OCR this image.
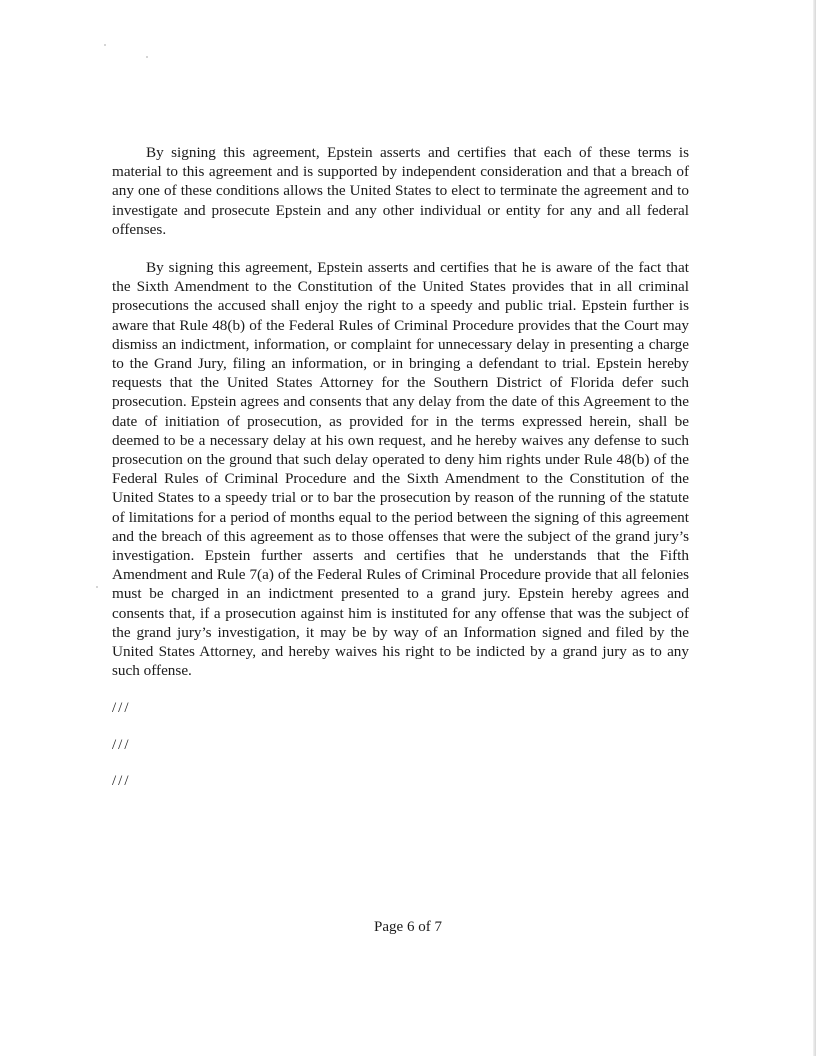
By signing this agreement, Epstein asserts and certifies that each of these terms is material to this agreement and is supported by independent consideration and that a breach of any one of these conditions allows the United States to elect to terminate the agreement and to investigate and prosecute Epstein and any other individual or entity for any and all federal offenses.

By signing this agreement, Epstein asserts and certifies that he is aware of the fact that the Sixth Amendment to the Constitution of the United States provides that in all criminal prosecutions the accused shall enjoy the right to a speedy and public trial. Epstein further is aware that Rule 48(b) of the Federal Rules of Criminal Procedure provides that the Court may dismiss an indictment, information, or complaint for unnecessary delay in presenting a charge to the Grand Jury, filing an information, or in bringing a defendant to trial. Epstein hereby requests that the United States Attorney for the Southern District of Florida defer such prosecution. Epstein agrees and consents that any delay from the date of this Agreement to the date of initiation of prosecution, as provided for in the terms expressed herein, shall be deemed to be a necessary delay at his own request, and he hereby waives any defense to such prosecution on the ground that such delay operated to deny him rights under Rule 48(b) of the Federal Rules of Criminal Procedure and the Sixth Amendment to the Constitution of the United States to a speedy trial or to bar the prosecution by reason of the running of the statute of limitations for a period of months equal to the period between the signing of this agreement and the breach of this agreement as to those offenses that were the subject of the grand jury’s investigation. Epstein further asserts and certifies that he understands that the Fifth Amendment and Rule 7(a) of the Federal Rules of Criminal Procedure provide that all felonies must be charged in an indictment presented to a grand jury. Epstein hereby agrees and consents that, if a prosecution against him is instituted for any offense that was the subject of the grand jury’s investigation, it may be by way of an Information signed and filed by the United States Attorney, and hereby waives his right to be indicted by a grand jury as to any such offense.

///

///

///

Page 6 of 7
